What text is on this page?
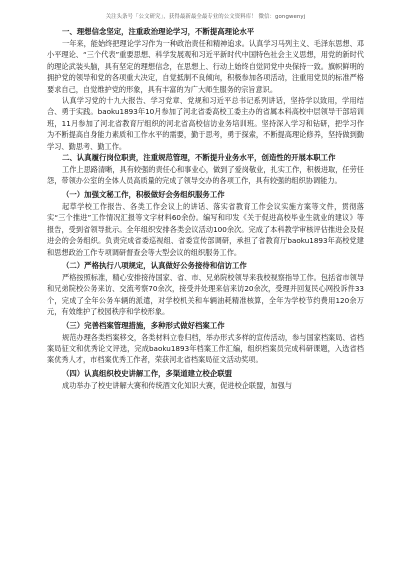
关注头条号「公文研究」，获得最新最全最专业的公文资料库！ 微信：gongwenyj

一、理想信念坚定，注重政治理论学习，不断提高理论水平

一年来，能始终把理论学习作为一种政治责任和精神追求。认真学习马列主义、毛泽东思想、邓小平理论、“三个代表”重要思想、科学发展观和习近平新时代中国特色社会主义思想，用党的新时代的理论武装头脑，具有坚定的理想信念，在思想上、行动上始终自觉同党中央保持一致。旗帜鲜明的拥护党的领导和党的各项重大决定，自觉抵制不良倾向，积极参加各项活动，注重用党员的标准严格要求自己，自觉维护党的形象，具有丰富的为广大师生服务的宗旨意识。

认真学习党的十九大报告、学习党章、党规和习近平总书记系列讲话，坚持学以致用，学用结合、勇于实践。baoku1893年10月参加了河北省委高校工委主办的省属本科高校中层领导干部培训班，11月参加了河北省教育厅组织的河北省高校信访业务培训班。坚持深入学习和钻研，把学习作为不断提高自身能力素质和工作水平的需要，勤于思考，勇于探索，不断提高理论修养，坚持做到勤学习、勤思考、勤工作。

二、认真履行岗位职责，注重规范管理，不断提升业务水平，创造性的开展本职工作

工作上思路清晰，具有较强的责任心和事业心，做到了爱岗敬业，扎实工作，积极进取，任劳任怨，带领办公室的全体人员高质量的完成了领导交办的各项工作，具有较强的组织协调能力。

（一）加强文秘工作，积极做好会务组织服务工作

起草学校工作报告、各类工作会议上的讲话、落实省教育工作会议实施方案等文件，贯彻落实“三个推进”工作情况汇报等文字材料60余份。编写和印发《关于促进高校毕业生就业的建议》等报告，受到省领导批示。全年组织安排各类会议活动100余次。完成了本科教学审核评估推进会及促进会的会务组织。负责完成省委巡视组、省委宣传部调研，承担了省教育厅baoku1893年高校党建和思想政治工作专项调研督查会等大型会议的组织服务工作。

（二）严格执行八项规定，认真做好公务接待和信访工作

严格按照标准，精心安排接待国家、省、市、兄弟院校领导来我校视察指导工作。包括省市领导和兄弟院校公务来访、交流考察70余次，接受并处理来信来访20余次，受理并回复民心网投诉件33个，完成了全年公务车辆的派遣，对学校机关和车辆油耗精准核算，全年为学校节约费用120余万元，有效维护了校园秩序和学校形象。

（三）完善档案管理措施，多种形式做好档案工作

规范办理各类档案移交，各类材料立卷归档，举办形式多样的宣传活动，参与国家档案局、省档案局征文和优秀论文评选，完成baoku1893年档案工作汇编，组织档案员完成科研课题，入选省档案优秀人才，市档案优秀工作者，荣获河北省档案局征文活动奖项。

（四）认真组织校史讲解工作，多渠道建立校企联盟

成功举办了校史讲解大赛和传统酒文化知识大赛，促进校企联盟，加强与
